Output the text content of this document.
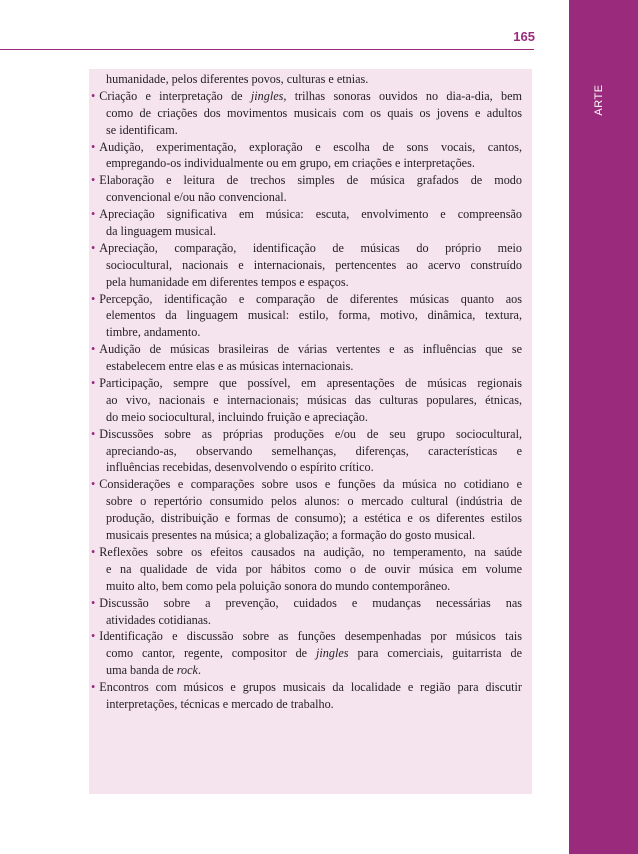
ARTE
165
humanidade, pelos diferentes povos, culturas e etnias.
• Criação e interpretação de jingles, trilhas sonoras ouvidos no dia-a-dia, bem
como de criações dos movimentos musicais com os quais os jovens e adultos
se identificam.
• Audição, experimentação, exploração e escolha de sons vocais, cantos,
empregando-os individualmente ou em grupo, em criações e interpretações.
• Elaboração e leitura de trechos simples de música grafados de modo
convencional e/ou não convencional.
• Apreciação significativa em música: escuta, envolvimento e compreensão
da linguagem musical.
• Apreciação, comparação, identificação de músicas do próprio meio
sociocultural, nacionais e internacionais, pertencentes ao acervo construído
pela humanidade em diferentes tempos e espaços.
• Percepção, identificação e comparação de diferentes músicas quanto aos
elementos da linguagem musical: estilo, forma, motivo, dinâmica, textura,
timbre, andamento.
• Audição de músicas brasileiras de várias vertentes e as influências que se
estabelecem entre elas e as músicas internacionais.
• Participação, sempre que possível, em apresentações de músicas regionais
ao vivo, nacionais e internacionais; músicas das culturas populares, étnicas,
do meio sociocultural, incluindo fruição e apreciação.
• Discussões sobre as próprias produções e/ou de seu grupo sociocultural,
apreciando-as, observando semelhanças, diferenças, características e
influências recebidas, desenvolvendo o espírito crítico.
• Considerações e comparações sobre usos e funções da música no cotidiano e
sobre o repertório consumido pelos alunos: o mercado cultural (indústria de
produção, distribuição e formas de consumo); a estética e os diferentes estilos
musicais presentes na música; a globalização; a formação do gosto musical.
• Reflexões sobre os efeitos causados na audição, no temperamento, na saúde
e na qualidade de vida por hábitos como o de ouvir música em volume
muito alto, bem como pela poluição sonora do mundo contemporâneo.
• Discussão sobre a prevenção, cuidados e mudanças necessárias nas
atividades cotidianas.
• Identificação e discussão sobre as funções desempenhadas por músicos tais
como cantor, regente, compositor de jingles para comerciais, guitarrista de
uma banda de rock.
• Encontros com músicos e grupos musicais da localidade e região para discutir
interpretações, técnicas e mercado de trabalho.
